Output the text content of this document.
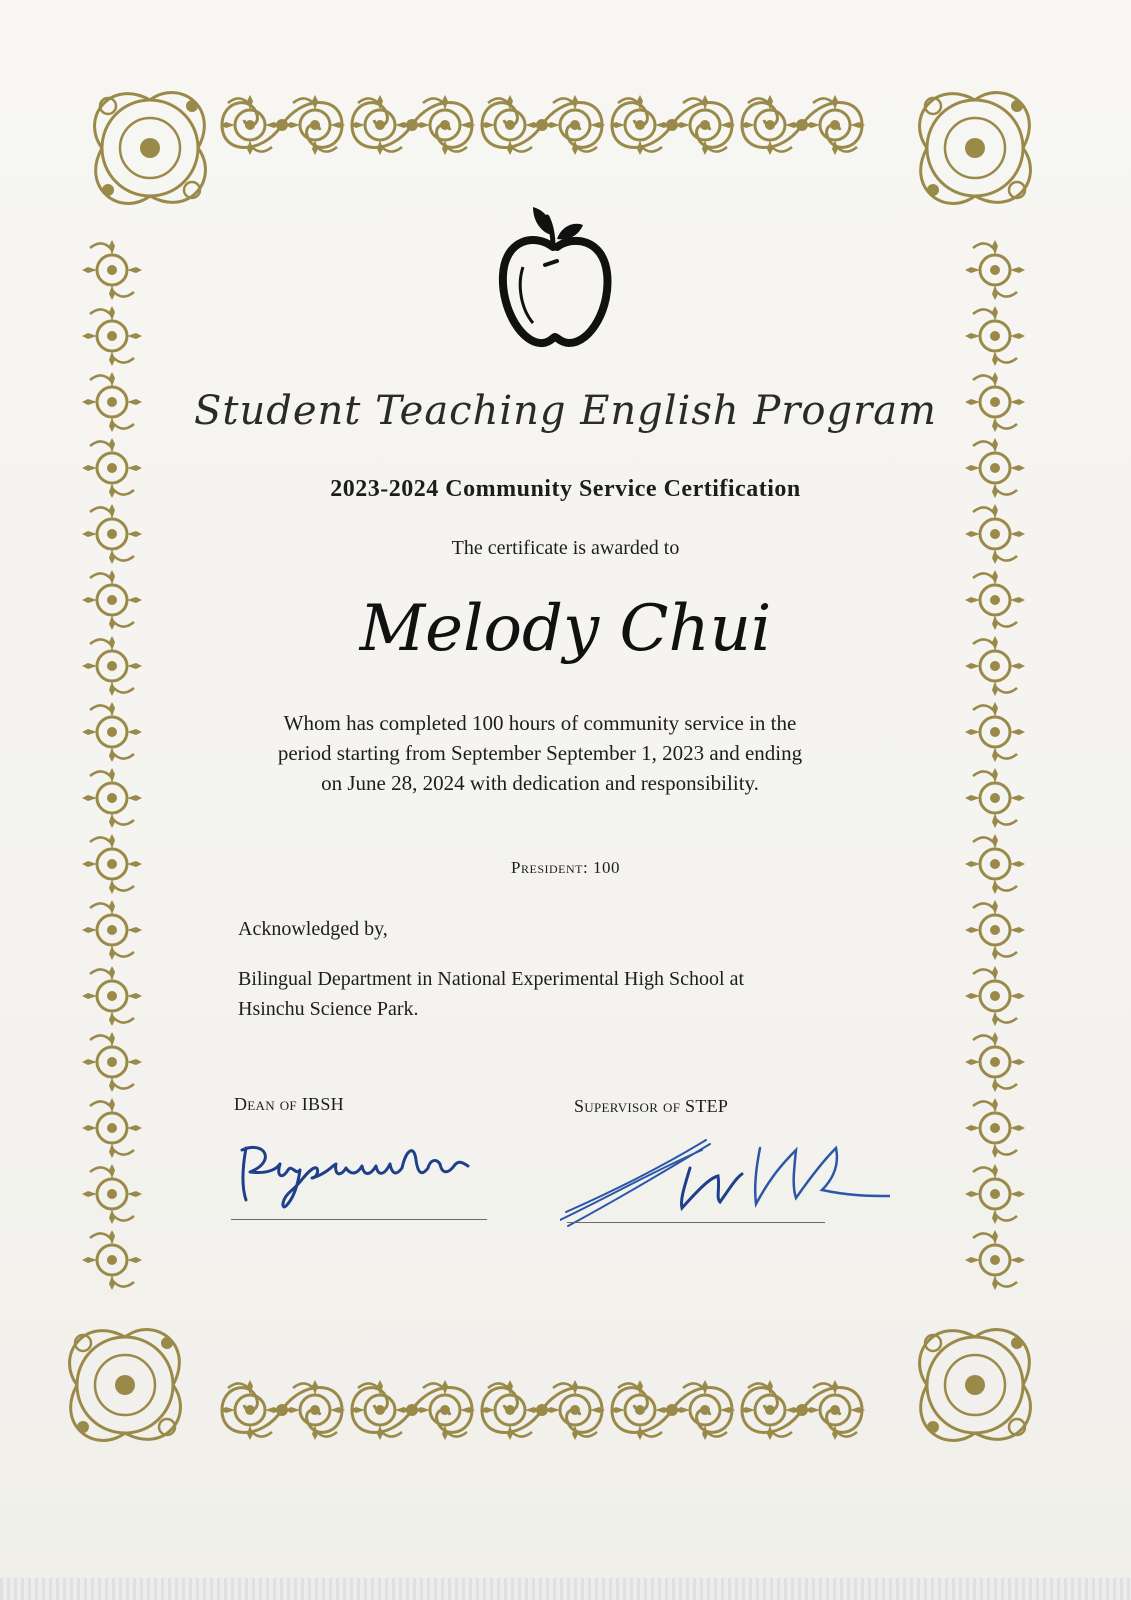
Student Teaching English Program
2023-2024 Community Service Certification
The certificate is awarded to
Melody Chui
Whom has completed 100 hours of community service in the
period starting from September September 1, 2023 and ending
on June 28, 2024 with dedication and responsibility.
President: 100
Acknowledged by,
Bilingual Department in National Experimental High School at
Hsinchu Science Park.
Dean of IBSH	Supervisor of STEP
